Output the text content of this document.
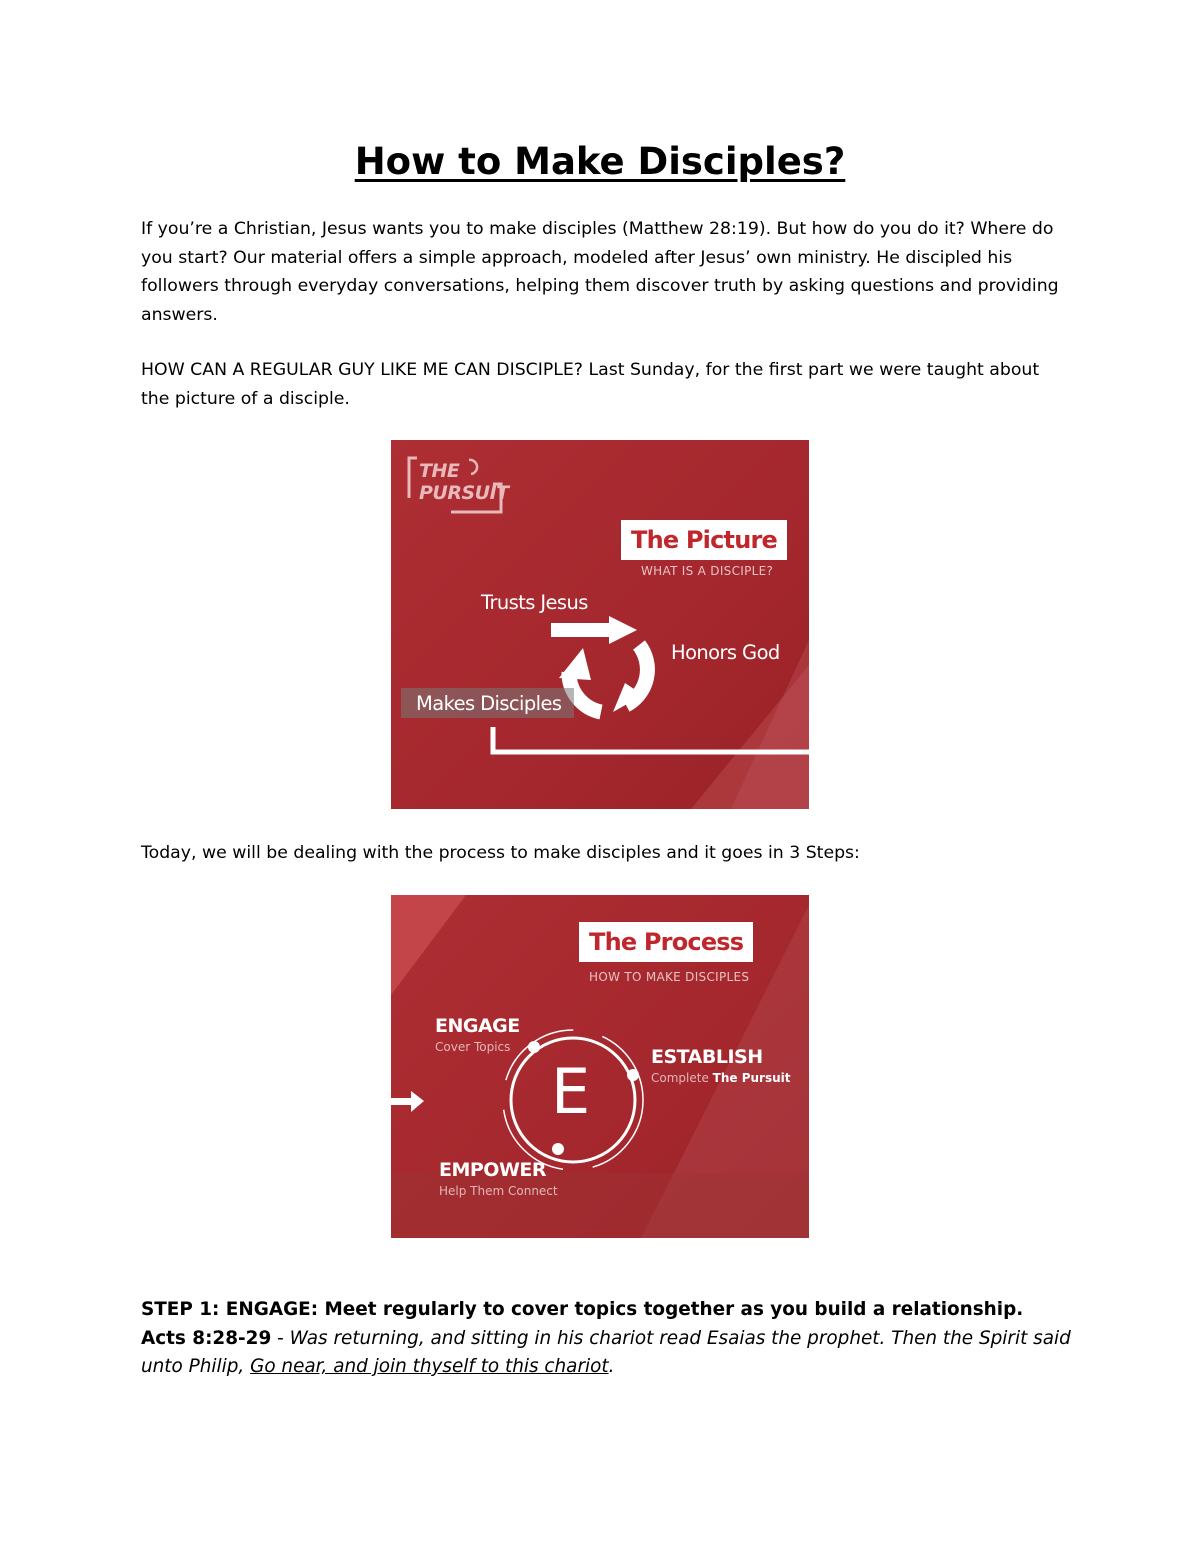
How to Make Disciples?

If you’re a Christian, Jesus wants you to make disciples (Matthew 28:19). But how do you do it? Where do you start? Our material offers a simple approach, modeled after Jesus’ own ministry. He discipled his followers through everyday conversations, helping them discover truth by asking questions and providing answers.

HOW CAN A REGULAR GUY LIKE ME CAN DISCIPLE? Last Sunday, for the first part we were taught about the picture of a disciple.

THE
PURSUIT
The Picture
WHAT IS A DISCIPLE?
Trusts Jesus
Honors God
Makes Disciples

Today, we will be dealing with the process to make disciples and it goes in 3 Steps:

The Process
HOW TO MAKE DISCIPLES
E
ENGAGE
Cover Topics	ESTABLISH
Complete The Pursuit
EMPOWER
Help Them Connect
STEP 1: ENGAGE: Meet regularly to cover topics together as you build a relationship.
Acts 8:28-29 - Was returning, and sitting in his chariot read Esaias the prophet. Then the Spirit said unto Philip, Go near, and join thyself to this chariot.
